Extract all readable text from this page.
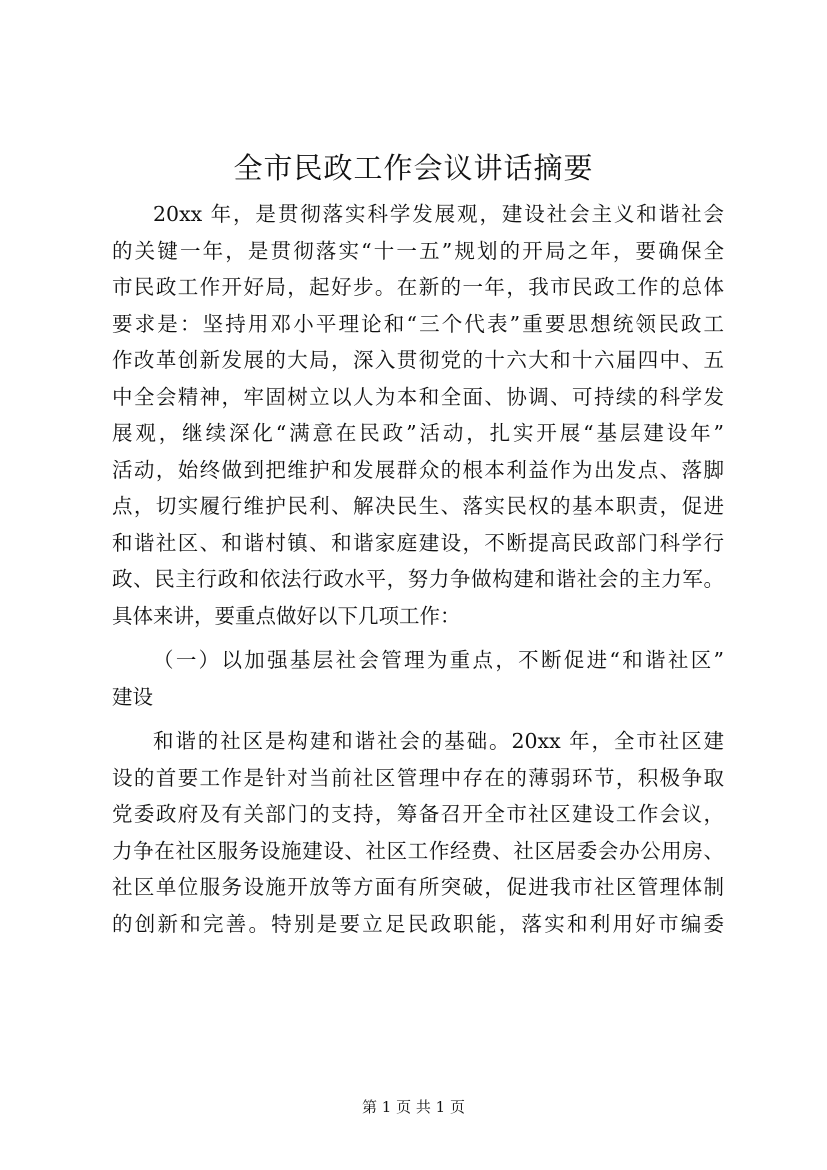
全市民政工作会议讲话摘要
20xx 年，是贯彻落实科学发展观，建设社会主义和谐社会
的关键一年，是贯彻落实“十一五”规划的开局之年，要确保全
市民政工作开好局，起好步。在新的一年，我市民政工作的总体
要求是：坚持用邓小平理论和“三个代表”重要思想统领民政工
作改革创新发展的大局，深入贯彻党的十六大和十六届四中、五
中全会精神，牢固树立以人为本和全面、协调、可持续的科学发
展观，继续深化“满意在民政”活动，扎实开展“基层建设年”
活动，始终做到把维护和发展群众的根本利益作为出发点、落脚
点，切实履行维护民利、解决民生、落实民权的基本职责，促进
和谐社区、和谐村镇、和谐家庭建设，不断提高民政部门科学行
政、民主行政和依法行政水平，努力争做构建和谐社会的主力军。
具体来讲，要重点做好以下几项工作：
（一）以加强基层社会管理为重点，不断促进“和谐社区”
建设
和谐的社区是构建和谐社会的基础。20xx 年，全市社区建
设的首要工作是针对当前社区管理中存在的薄弱环节，积极争取
党委政府及有关部门的支持，筹备召开全市社区建设工作会议，
力争在社区服务设施建设、社区工作经费、社区居委会办公用房、
社区单位服务设施开放等方面有所突破，促进我市社区管理体制
的创新和完善。特别是要立足民政职能，落实和利用好市编委
第 1 页 共 1 页
